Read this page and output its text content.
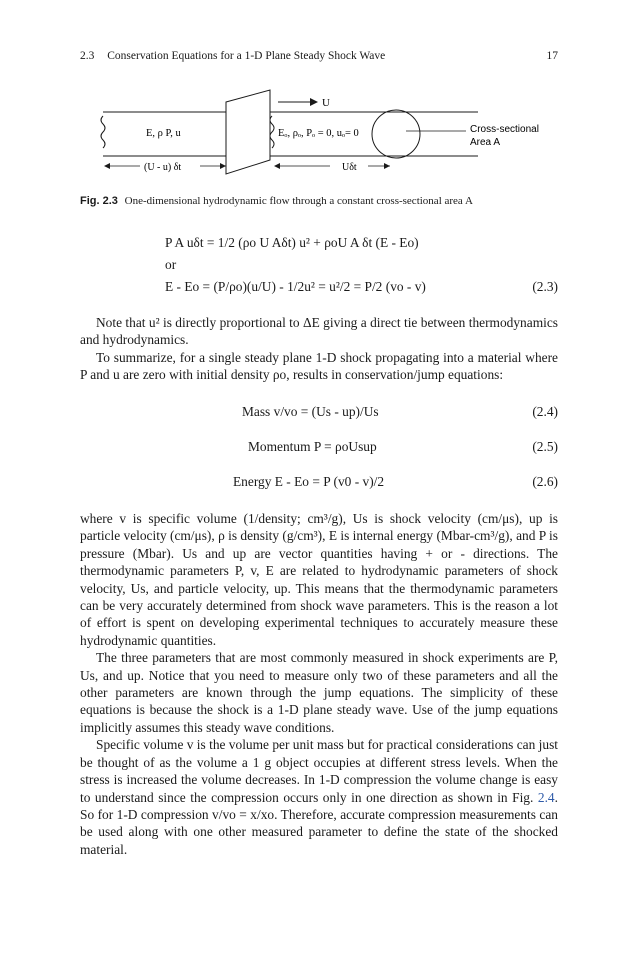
2.3 Conservation Equations for a 1-D Plane Steady Shock Wave	17
U
E, ρ P, u	Eₒ, ρₒ, Pₒ = 0, uₒ= 0	Cross-sectional
Area A
(U - u) δt	Uδt
Fig. 2.3 One-dimensional hydrodynamic flow through a constant cross-sectional area A
P A uδt = 1/2 (ρo U Aδt) u² + ρoU A δt (E - Eo)
or
E - Eo = (P/ρo)(u/U) - 1/2u² = u²/2 = P/2 (vo - v)	(2.3)

Note that u² is directly proportional to ΔE giving a direct tie between thermodynamics and hydrodynamics.

To summarize, for a single steady plane 1-D shock propagating into a material where P and u are zero with initial density ρo, results in conservation/jump equations:

Mass v/vo = (Us - up)/Us	(2.4)
Momentum P = ρoUsup	(2.5)
Energy E - Eo = P (v0 - v)/2	(2.6)

where v is specific volume (1/density; cm³/g), Us is shock velocity (cm/μs), up is particle velocity (cm/μs), ρ is density (g/cm³), E is internal energy (Mbar-cm³/g), and P is pressure (Mbar). Us and up are vector quantities having + or - directions. The thermodynamic parameters P, v, E are related to hydrodynamic parameters of shock velocity, Us, and particle velocity, up. This means that the thermodynamic parameters can be very accurately determined from shock wave parameters. This is the reason a lot of effort is spent on developing experimental techniques to accurately measure these hydrodynamic quantities.

The three parameters that are most commonly measured in shock experiments are P, Us, and up. Notice that you need to measure only two of these parameters and all the other parameters are known through the jump equations. The simplicity of these equations is because the shock is a 1-D plane steady wave. Use of the jump equations implicitly assumes this steady wave conditions.

Specific volume v is the volume per unit mass but for practical considerations can just be thought of as the volume a 1 g object occupies at different stress levels. When the stress is increased the volume decreases. In 1-D compression the volume change is easy to understand since the compression occurs only in one direction as shown in Fig. 2.4. So for 1-D compression v/vo = x/xo. Therefore, accurate compression measurements can be used along with one other measured parameter to define the state of the shocked material.
